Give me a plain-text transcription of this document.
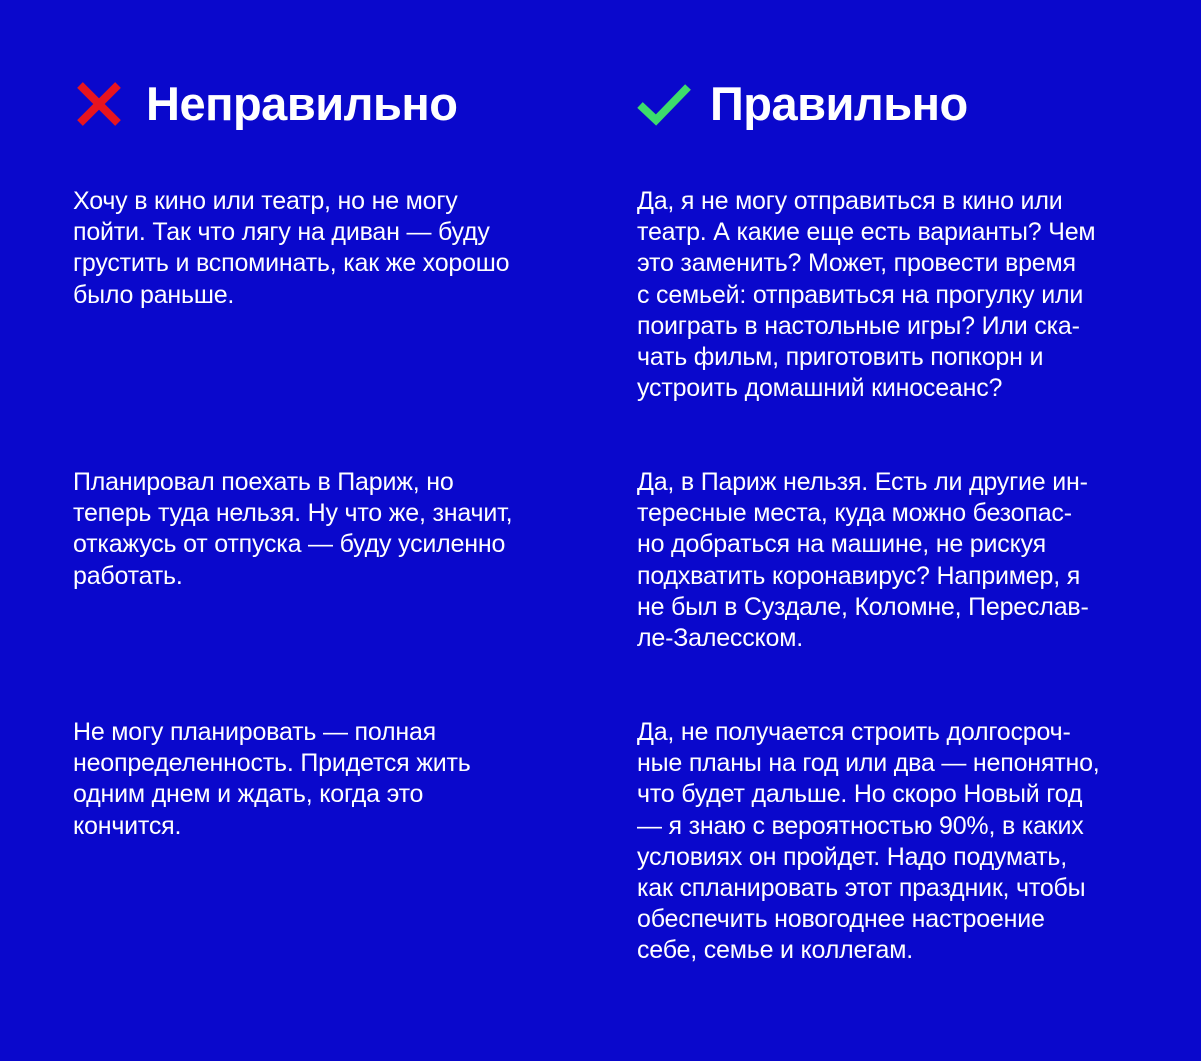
Неправильно	Правильно
Хочу в кино или театр, но не могу
пойти. Так что лягу на диван — буду
грустить и вспоминать, как же хорошо
было раньше.
Планировал поехать в Париж, но
теперь туда нельзя. Ну что же, значит,
откажусь от отпуска — буду усиленно
работать.
Не могу планировать — полная
неопределенность. Придется жить
одним днем и ждать, когда это
кончится.
Да, я не могу отправиться в кино или
театр. А какие еще есть варианты? Чем
это заменить? Может, провести время
с семьей: отправиться на прогулку или
поиграть в настольные игры? Или ска-
чать фильм, приготовить попкорн и
устроить домашний киносеанс?
Да, в Париж нельзя. Есть ли другие ин-
тересные места, куда можно безопас-
но добраться на машине, не рискуя
подхватить коронавирус? Например, я
не был в Суздале, Коломне, Переслав-
ле-Залесском.
Да, не получается строить долгосроч-
ные планы на год или два — непонятно,
что будет дальше. Но скоро Новый год
— я знаю с вероятностью 90%, в каких
условиях он пройдет. Надо подумать,
как спланировать этот праздник, чтобы
обеспечить новогоднее настроение
себе, семье и коллегам.
